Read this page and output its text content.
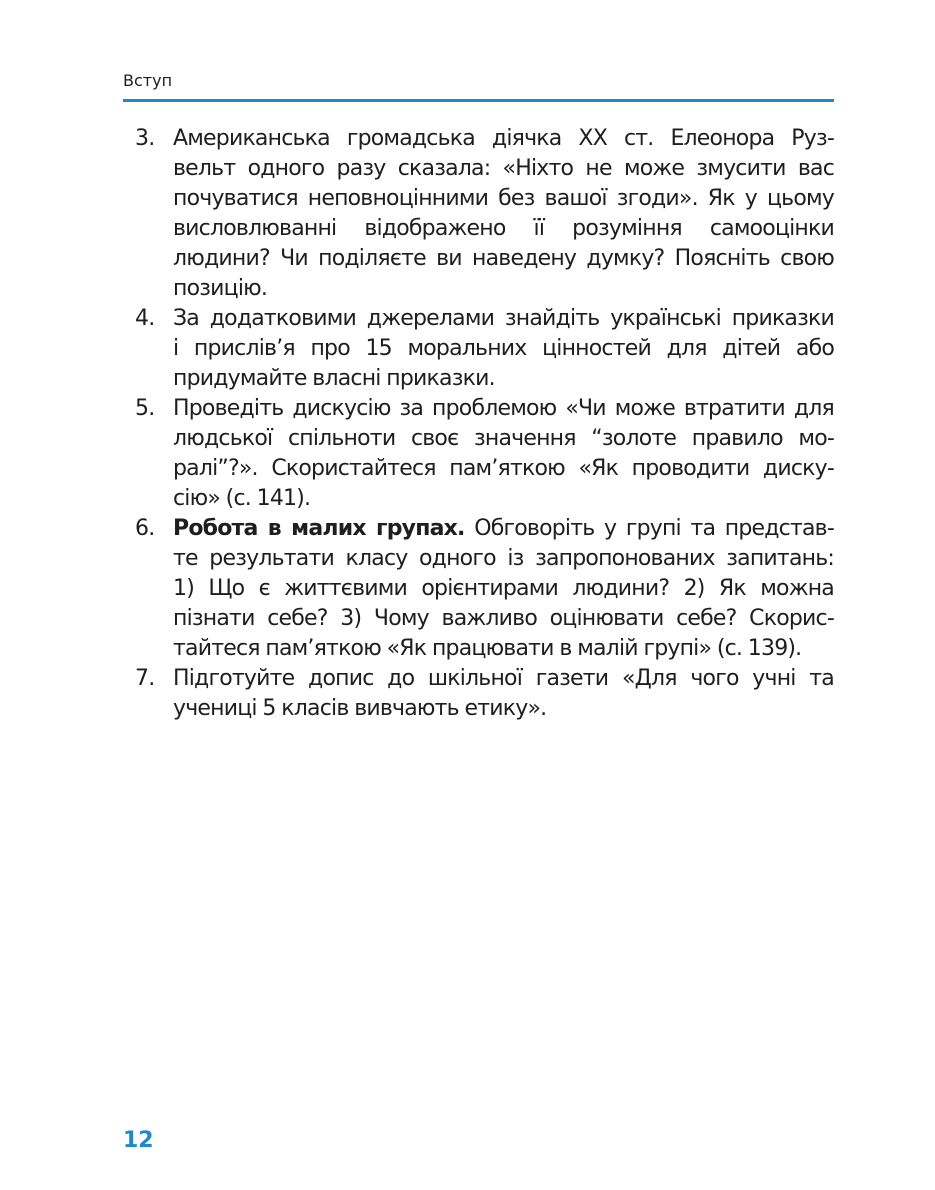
Вступ
3. Американська громадська діячка ХХ ст. Елеонора Руз-
вельт одного разу сказала: «Ніхто не може змусити вас
почуватися неповноцінними без вашої згоди». Як у цьому
висловлюванні відображено її розуміння самооцінки
людини? Чи поділяєте ви наведену думку? Поясніть свою
позицію.
4. За додатковими джерелами знайдіть українські приказки
і прислів’я про 15 моральних цінностей для дітей або
придумайте власні приказки.
5. Проведіть дискусію за проблемою «Чи може втратити для
людської спільноти своє значення “золоте правило мо-
ралі”?». Скористайтеся пам’яткою «Як проводити диску-
сію» (с. 141).
6. Робота в малих групах. Обговоріть у групі та представ-
те результати класу одного із запропонованих запитань:
1) Що є життєвими орієнтирами людини? 2) Як можна
пізнати себе? 3) Чому важливо оцінювати себе? Скорис-
тайтеся пам’яткою «Як працювати в малій групі» (с. 139).
7. Підготуйте допис до шкільної газети «Для чого учні та
учениці 5 класів вивчають етику».
12
